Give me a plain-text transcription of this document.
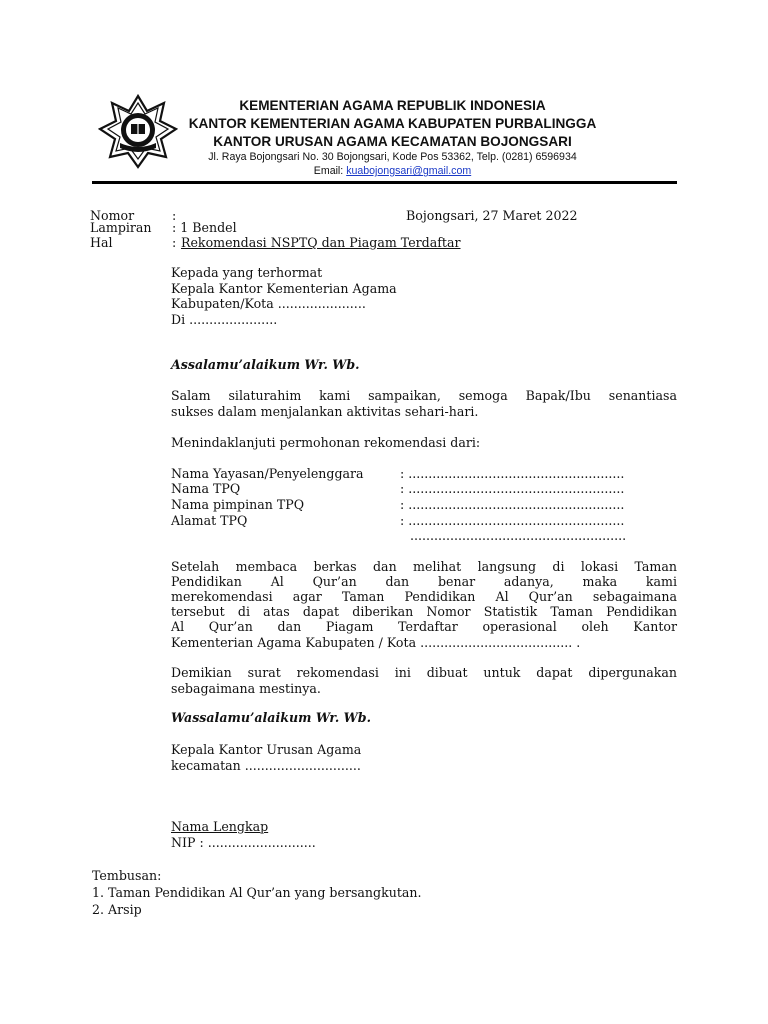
KEMENTERIAN AGAMA REPUBLIK INDONESIA
KANTOR KEMENTERIAN AGAMA KABUPATEN PURBALINGGA
KANTOR URUSAN AGAMA KECAMATAN BOJONGSARI
Jl. Raya Bojongsari No. 30 Bojongsari, Kode Pos 53362, Telp. (0281) 6596934
Email: kuabojongsari@gmail.com
Nomor	:	Bojongsari, 27 Maret 2022
Lampiran : 1 Bendel
Hal	: Rekomendasi NSPTQ dan Piagam Terdaftar
Kepada yang terhormat
Kepala Kantor Kementerian Agama
Kabupaten/Kota ......................
Di ......................
Assalamu’alaikum Wr. Wb.
Salam silaturahim kami sampaikan, semoga Bapak/Ibu senantiasa
sukses dalam menjalankan aktivitas sehari-hari.
Menindaklanjuti permohonan rekomendasi dari:
Nama Yayasan/Penyelenggara	: ......................................................
Nama TPQ	: ......................................................
Nama pimpinan TPQ	: ......................................................
Alamat TPQ	: ......................................................
......................................................
Setelah membaca berkas dan melihat langsung di lokasi Taman
Pendidikan Al Qur’an dan benar adanya, maka kami
merekomendasi agar Taman Pendidikan Al Qur’an sebagaimana
tersebut di atas dapat diberikan Nomor Statistik Taman Pendidikan
Al Qur’an dan Piagam Terdaftar operasional oleh Kantor
Kementerian Agama Kabupaten / Kota ...................................... .
Demikian surat rekomendasi ini dibuat untuk dapat dipergunakan
sebagaimana mestinya.
Wassalamu’alaikum Wr. Wb.
Kepala Kantor Urusan Agama
kecamatan .............................
Nama Lengkap
NIP : ...........................
Tembusan:
1. Taman Pendidikan Al Qur’an yang bersangkutan.
2. Arsip
